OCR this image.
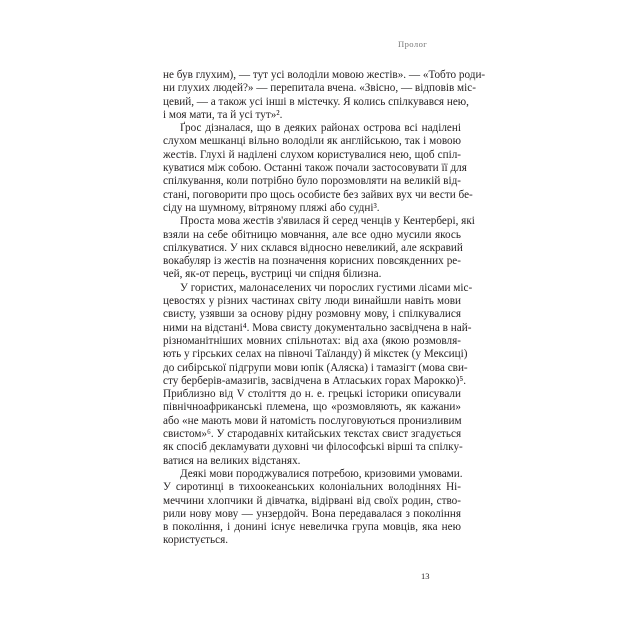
Пролог
не був глухим), — тут усі володіли мовою жестів». — «Тобто роди-
ни глухих людей?» — перепитала вчена. «Звісно, — відповів міс-
цевий, — а також усі інші в містечку. Я колись спілкувався нею,
і моя мати, та й усі тут»².
Ґрос дізналася, що в деяких районах острова всі наділені
слухом мешканці вільно володіли як англійською, так і мовою
жестів. Глухі й наділені слухом користувалися нею, щоб спіл-
куватися між собою. Останні також почали застосовувати її для
спілкування, коли потрібно було порозмовляти на великій від-
стані, поговорити про щось особисте без зайвих вух чи вести бе-
сіду на шумному, вітряному пляжі або судні³.
Проста мова жестів з'явилася й серед ченців у Кентербері, які
взяли на себе обітницю мовчання, але все одно мусили якось
спілкуватися. У них склався відносно невеликий, але яскравий
вокабуляр із жестів на позначення корисних повсякденних ре-
чей, як-от перець, вустриці чи спідня білизна.
У гористих, малонаселених чи порослих густими лісами міс-
цевостях у різних частинах світу люди винайшли навіть мови
свисту, узявши за основу рідну розмовну мову, і спілкувалися
ними на відстані⁴. Мова свисту документально засвідчена в най-
різноманітніших мовних спільнотах: від аха (якою розмовля-
ють у гірських селах на півночі Таїланду) й мікстек (у Мексиці)
до сибірської підгрупи мови юпік (Аляска) і тамазігт (мова сви-
сту берберів-амазигів, засвідчена в Атлаських горах Марокко)⁵.
Приблизно від V століття до н. е. грецькі історики описували
північноафриканські племена, що «розмовляють, як кажани»
або «не мають мови й натомість послуговуються пронизливим
свистом»⁶. У стародавніх китайських текстах свист згадується
як спосіб декламувати духовні чи філософські вірші та спілку-
ватися на великих відстанях.
Деякі мови породжувалися потребою, кризовими умовами.
У сиротинці в тихоокеанських колоніальних володіннях Ні-
меччини хлопчики й дівчатка, відірвані від своїх родин, ство-
рили нову мову — унзердойч. Вона передавалася з покоління
в покоління, і донині існує невеличка група мовців, яка нею
користується.
13
